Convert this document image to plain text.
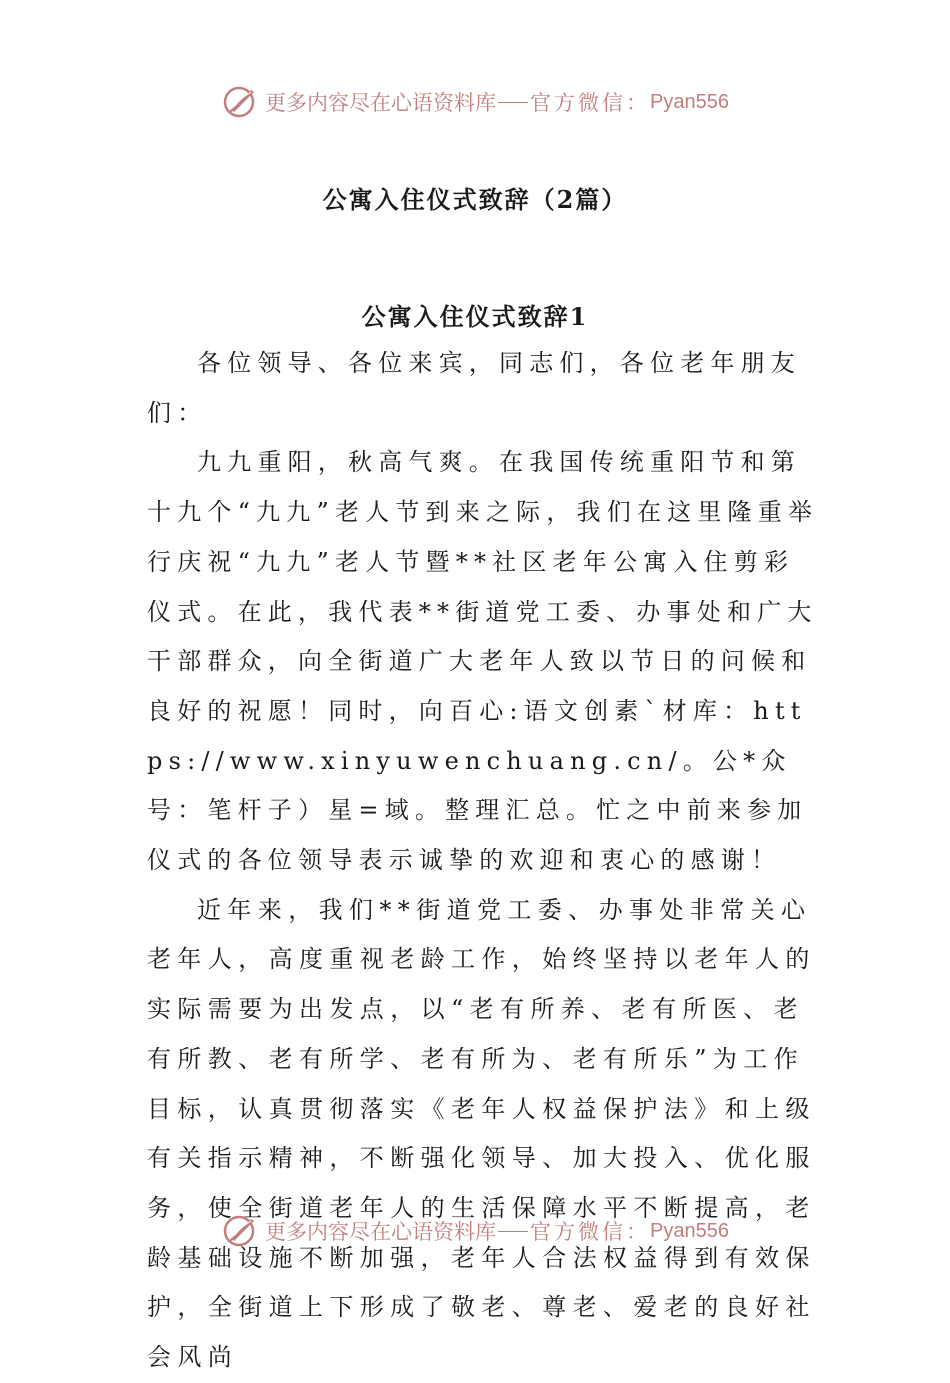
更多内容尽在心语资料库 官方微信： Pyan556
公寓入住仪式致辞（2篇）
公寓入住仪式致辞1

各位领导、各位来宾，同志们，各位老年朋友们：

九九重阳，秋高气爽。在我国传统重阳节和第十九个“九九”老人节到来之际，我们在这里隆重举行庆祝“九九”老人节暨**社区老年公寓入住剪彩仪式。在此，我代表**街道党工委、办事处和广大干部群众，向全街道广大老年人致以节日的问候和良好的祝愿！同时，向百心:语文创素`材库：https://www.xinyuwenchuang.cn/。公*众号：笔杆子）星=域。整理汇总。忙之中前来参加仪式的各位领导表示诚挚的欢迎和衷心的感谢！

近年来，我们**街道党工委、办事处非常关心老年人，高度重视老龄工作，始终坚持以老年人的实际需要为出发点，以“老有所养、老有所医、老有所教、老有所学、老有所为、老有所乐”为工作目标，认真贯彻落实《老年人权益保护法》和上级有关指示精神，不断强化领导、加大投入、优化服务，使全街道老年人的生活保障水平不断提高，老龄基础设施不断加强，老年人合法权益得到有效保护，全街道上下形成了敬老、尊老、爱老的良好社会风尚

更多内容尽在心语资料库 官方微信： Pyan556
